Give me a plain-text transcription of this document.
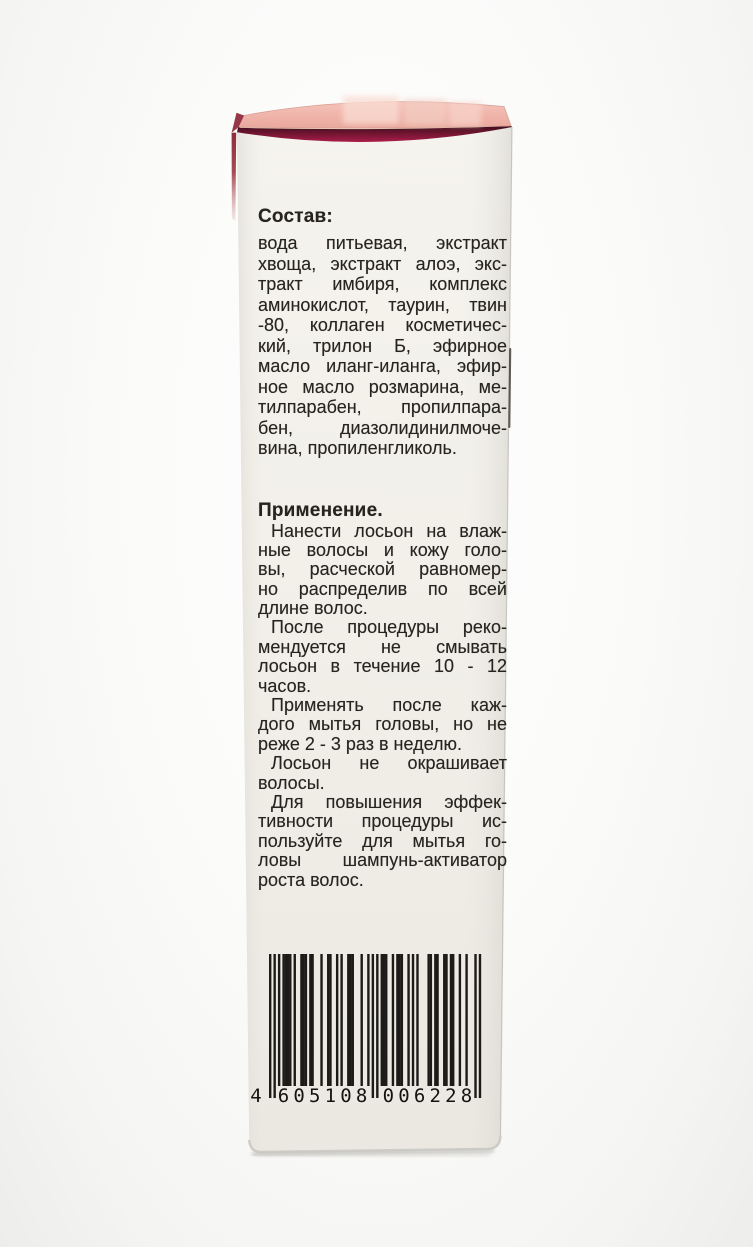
Состав:
вода питьевая, экстракт
хвоща, экстракт алоэ, экс-
тракт имбиря, комплекс
аминокислот, таурин, твин
-80, коллаген косметичес-
кий, трилон Б, эфирное
масло иланг-иланга, эфир-
ное масло розмарина, ме-
тилпарабен, пропилпара-
бен, диазолидинилмоче-
вина, пропиленгликоль.
Применение.
Нанести лосьон на влаж-
ные волосы и кожу голо-
вы, расческой равномер-
но распределив по всей
длине волос.
После процедуры реко-
мендуется не смывать
лосьон в течение 10 - 12
часов.
Применять после каж-
дого мытья головы, но не
реже 2 - 3 раз в неделю.
Лосьон не окрашивает
волосы.
Для повышения эффек-
тивности процедуры ис-
пользуйте для мытья го-
ловы шампунь-активатор
роста волос.
4 6 0 5 1 0 8 0 0 6 2 2 8
